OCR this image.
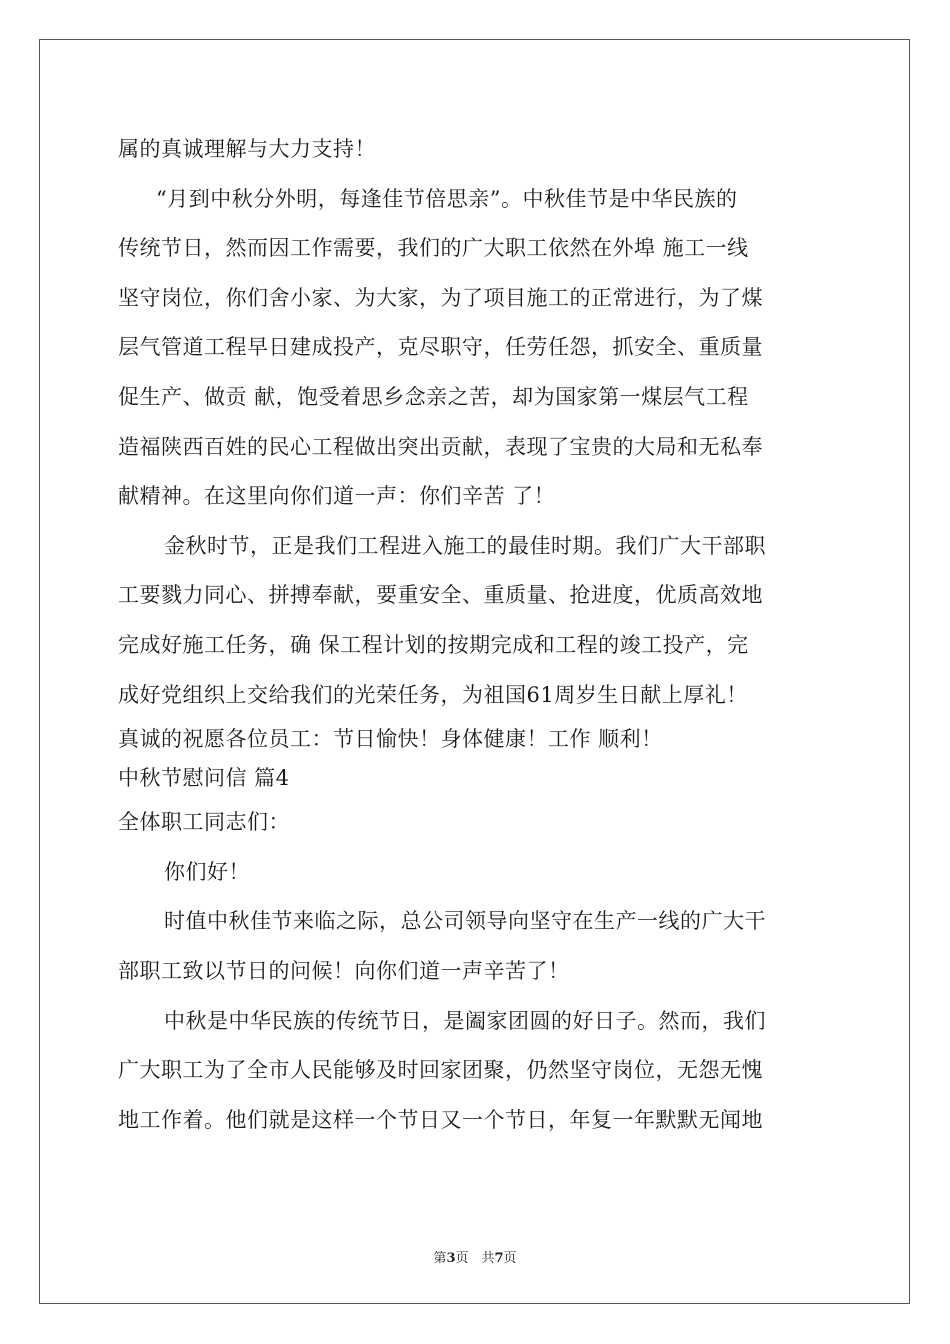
属的真诚理解与大力支持！
“月到中秋分外明，每逢佳节倍思亲”。中秋佳节是中华民族的
传统节日，然而因工作需要，我们的广大职工依然在外埠 施工一线
坚守岗位，你们舍小家、为大家，为了项目施工的正常进行，为了煤
层气管道工程早日建成投产，克尽职守，任劳任怨，抓安全、重质量
促生产、做贡 献，饱受着思乡念亲之苦，却为国家第一煤层气工程
造福陕西百姓的民心工程做出突出贡献，表现了宝贵的大局和无私奉
献精神。在这里向你们道一声：你们辛苦 了！
金秋时节，正是我们工程进入施工的最佳时期。我们广大干部职
工要戮力同心、拼搏奉献，要重安全、重质量、抢进度，优质高效地
完成好施工任务，确 保工程计划的按期完成和工程的竣工投产，完
成好党组织上交给我们的光荣任务，为祖国61周岁生日献上厚礼！
真诚的祝愿各位员工：节日愉快！身体健康！工作 顺利！
中秋节慰问信 篇4
全体职工同志们：
你们好！
时值中秋佳节来临之际，总公司领导向坚守在生产一线的广大干
部职工致以节日的问候！向你们道一声辛苦了！
中秋是中华民族的传统节日，是阖家团圆的好日子。然而，我们
广大职工为了全市人民能够及时回家团聚，仍然坚守岗位，无怨无愧
地工作着。他们就是这样一个节日又一个节日，年复一年默默无闻地
第3页　共7页
